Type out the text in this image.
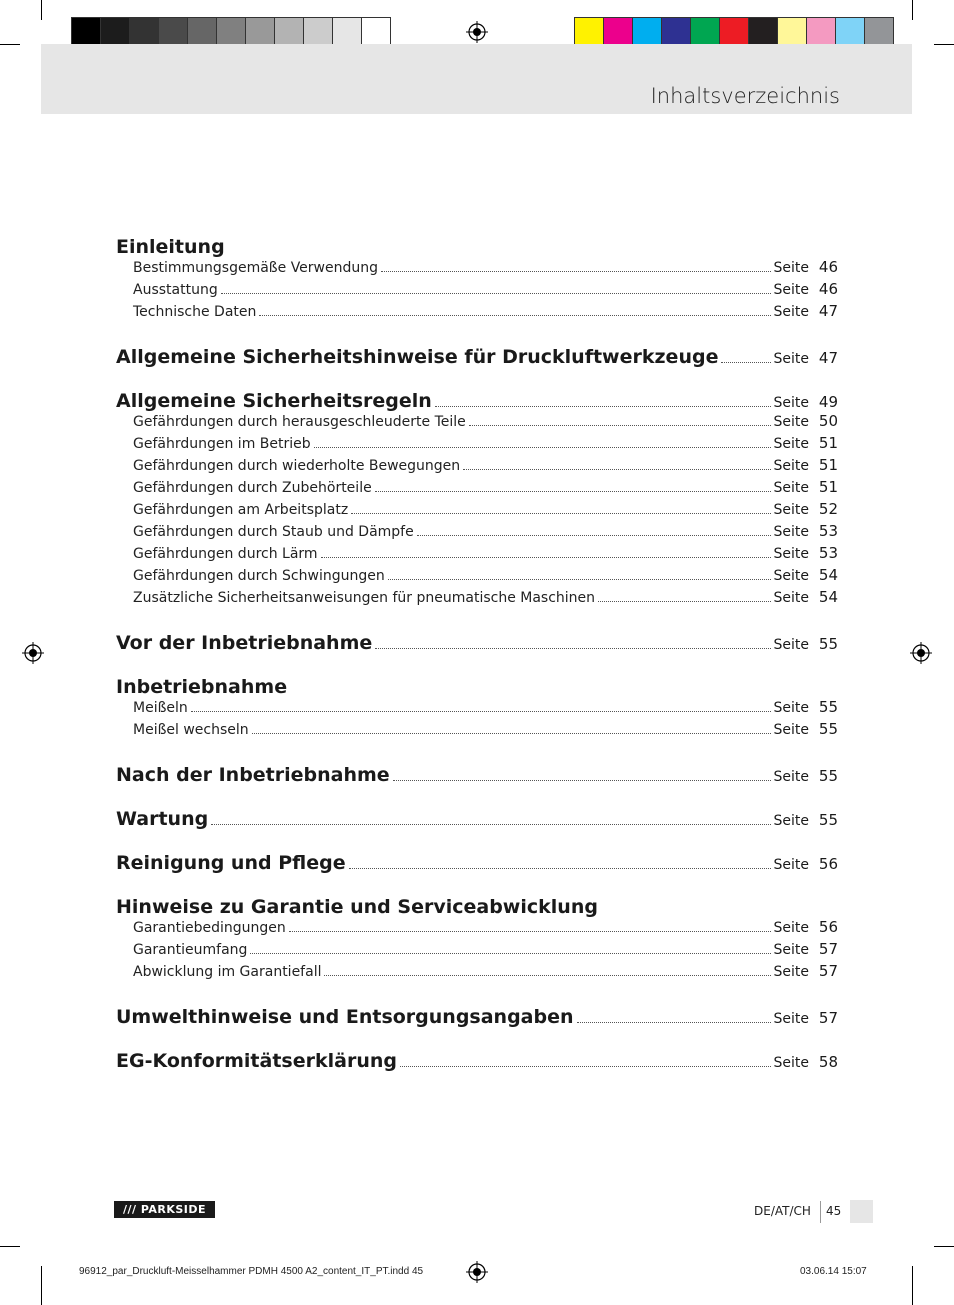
Inhaltsverzeichnis
Einleitung
Bestimmungsgemäße Verwendung	Seite 46
Ausstattung	Seite 46
Technische Daten	Seite 47
Allgemeine Sicherheitshinweise für Druckluftwerkzeuge	Seite 47
Allgemeine Sicherheitsregeln	Seite 49
Gefährdungen durch herausgeschleuderte Teile	Seite 50
Gefährdungen im Betrieb	Seite 51
Gefährdungen durch wiederholte Bewegungen	Seite 51
Gefährdungen durch Zubehörteile	Seite 51
Gefährdungen am Arbeitsplatz	Seite 52
Gefährdungen durch Staub und Dämpfe	Seite 53
Gefährdungen durch Lärm	Seite 53
Gefährdungen durch Schwingungen	Seite 54
Zusätzliche Sicherheitsanweisungen für pneumatische Maschinen	Seite 54
Vor der Inbetriebnahme	Seite 55
Inbetriebnahme
Meißeln	Seite 55
Meißel wechseln	Seite 55
Nach der Inbetriebnahme	Seite 55
Wartung	Seite 55
Reinigung und Pflege	Seite 56
Hinweise zu Garantie und Serviceabwicklung
Garantiebedingungen	Seite 56
Garantieumfang	Seite 57
Abwicklung im Garantiefall	Seite 57
Umwelthinweise und Entsorgungsangaben	Seite 57
EG-Konformitätserklärung	Seite 58
/// PARKSIDE	DE/AT/CH 45
96912_par_Druckluft-Meisselhammer PDMH 4500 A2_content_IT_PT.indd 45	03.06.14 15:07
